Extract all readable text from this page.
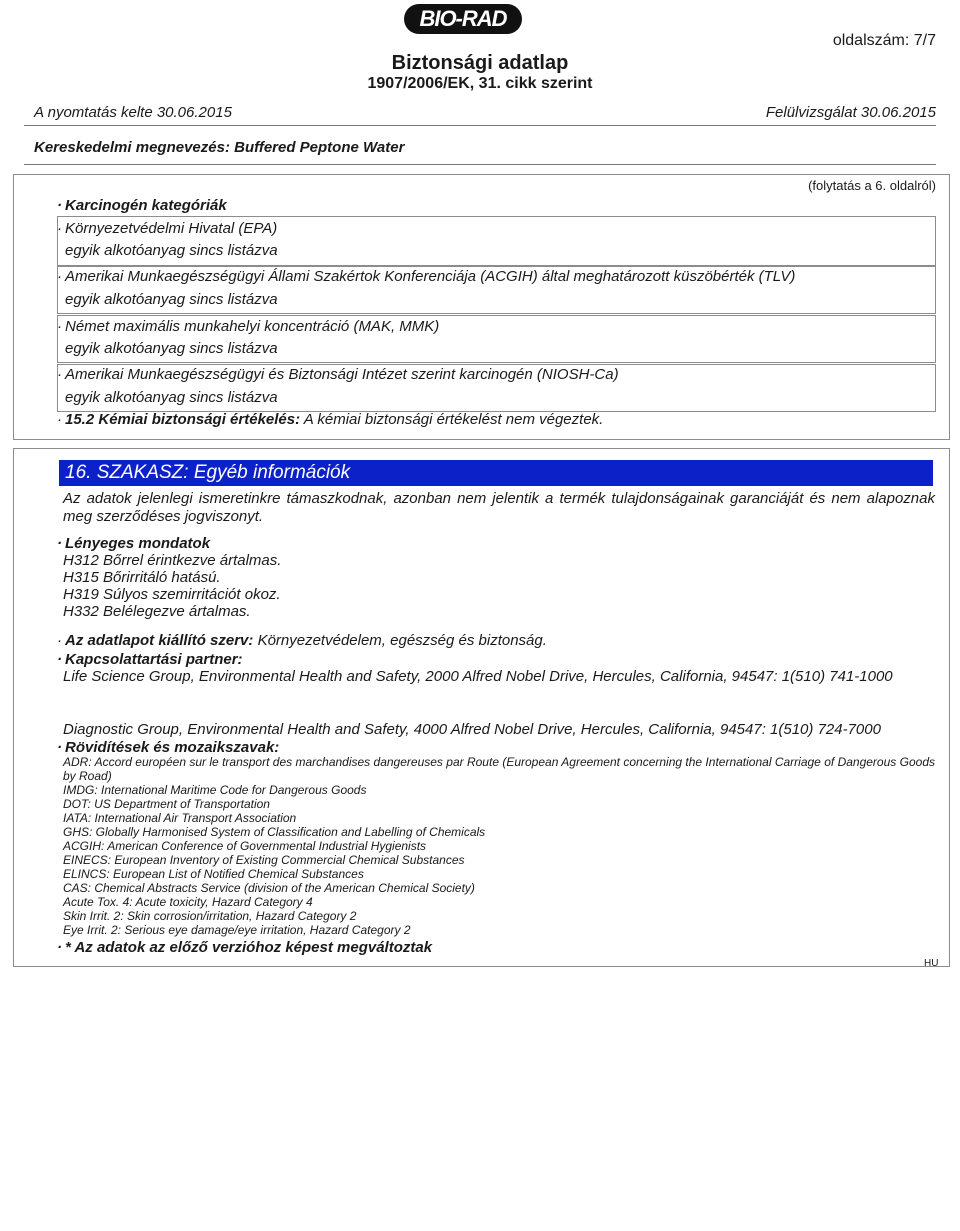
BIO-RAD
oldalszám: 7/7
Biztonsági adatlap
1907/2006/EK, 31. cikk szerint
A nyomtatás kelte 30.06.2015	Felülvizsgálat 30.06.2015
Kereskedelmi megnevezés: Buffered Peptone Water
(folytatás a 6. oldalról)
· Karcinogén kategóriák
· Környezetvédelmi Hivatal (EPA)
egyik alkotóanyag sincs listázva
· Amerikai Munkaegészségügyi Állami Szakértok Konferenciája (ACGIH) által meghatározott küszöbérték (TLV)
egyik alkotóanyag sincs listázva
· Német maximális munkahelyi koncentráció (MAK, MMK)
egyik alkotóanyag sincs listázva
· Amerikai Munkaegészségügyi és Biztonsági Intézet szerint karcinogén (NIOSH-Ca)
egyik alkotóanyag sincs listázva
· 15.2 Kémiai biztonsági értékelés: A kémiai biztonsági értékelést nem végeztek.
16. SZAKASZ: Egyéb információk
Az adatok jelenlegi ismeretinkre támaszkodnak, azonban nem jelentik a termék tulajdonságainak garanciáját és nem alapoznak meg szerződéses jogviszonyt.
· Lényeges mondatok
H312 Bőrrel érintkezve ártalmas.
H315 Bőrirritáló hatású.
H319 Súlyos szemirritációt okoz.
H332 Belélegezve ártalmas.
· Az adatlapot kiállító szerv: Környezetvédelem, egészség és biztonság.
· Kapcsolattartási partner:
Life Science Group, Environmental Health and Safety, 2000 Alfred Nobel Drive, Hercules, California, 94547: 1(510) 741-1000
Diagnostic Group, Environmental Health and Safety, 4000 Alfred Nobel Drive, Hercules, California, 94547: 1(510) 724-7000
· Rövidítések és mozaikszavak:
ADR: Accord européen sur le transport des marchandises dangereuses par Route (European Agreement concerning the International Carriage of Dangerous Goods by Road)
IMDG: International Maritime Code for Dangerous Goods
DOT: US Department of Transportation
IATA: International Air Transport Association
GHS: Globally Harmonised System of Classification and Labelling of Chemicals
ACGIH: American Conference of Governmental Industrial Hygienists
EINECS: European Inventory of Existing Commercial Chemical Substances
ELINCS: European List of Notified Chemical Substances
CAS: Chemical Abstracts Service (division of the American Chemical Society)
Acute Tox. 4: Acute toxicity, Hazard Category 4
Skin Irrit. 2: Skin corrosion/irritation, Hazard Category 2
Eye Irrit. 2: Serious eye damage/eye irritation, Hazard Category 2
· * Az adatok az előző verzióhoz képest megváltoztak
HU
